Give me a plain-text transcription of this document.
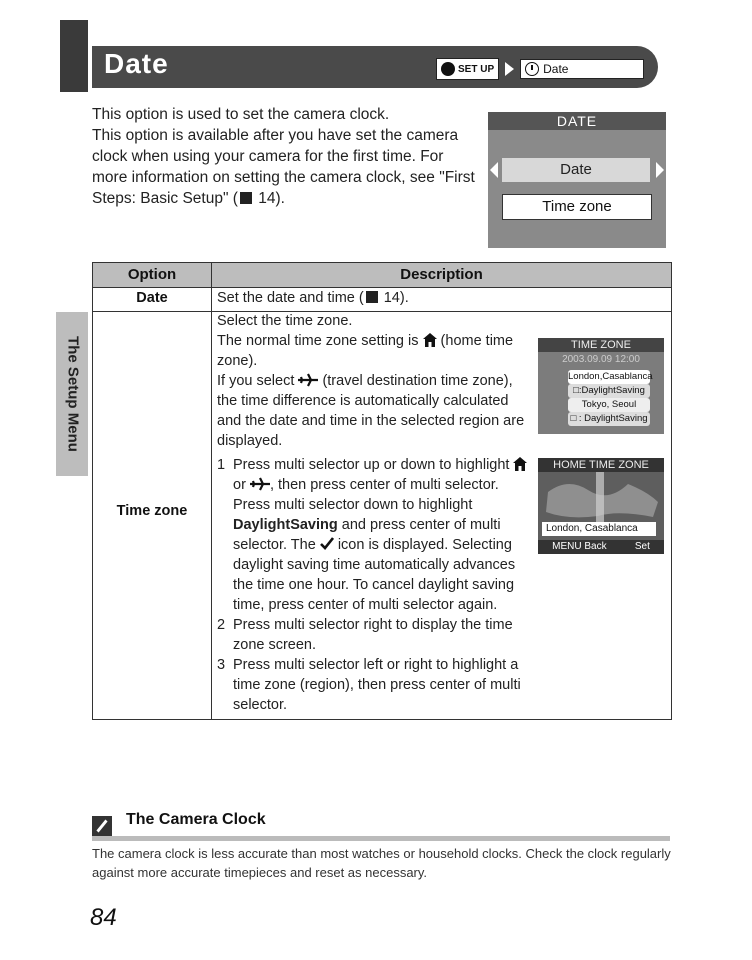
Date	SET UP	Date

This option is used to set the camera clock.

This option is available after you have set the camera clock when using your camera for the first time. For more information on setting the camera clock, see "First Steps: Basic Setup" ( 14).

DATE
Date
Time zone
The Setup Menu
Option	Description
Date	Set the date and time ( 14).
Time zone

Select the time zone.

The normal time zone setting is (home time zone).

If you select (travel destination time zone), the time difference is automatically calculated and the date and time in the selected region are displayed.

1 Press multi selector up or down to highlight  or , then press center of multi selector.
Press multi selector down to highlight DaylightSaving and press center of multi selector. The icon is displayed. Selecting daylight saving time automatically advances the time one hour. To cancel daylight saving time, press center of multi selector again.
2 Press multi selector right to display the time zone screen.
3 Press multi selector left or right to highlight a time zone (region), then press center of multi selector.
TIME ZONE
2003.09.09 12:00
London,Casablanca
□:DaylightSaving
Tokyo, Seoul
□ : DaylightSaving
HOME TIME ZONE
London, Casablanca
MENU Back	Set
The Camera Clock
The camera clock is less accurate than most watches or household clocks. Check the clock regularly against more accurate timepieces and reset as necessary.
84
